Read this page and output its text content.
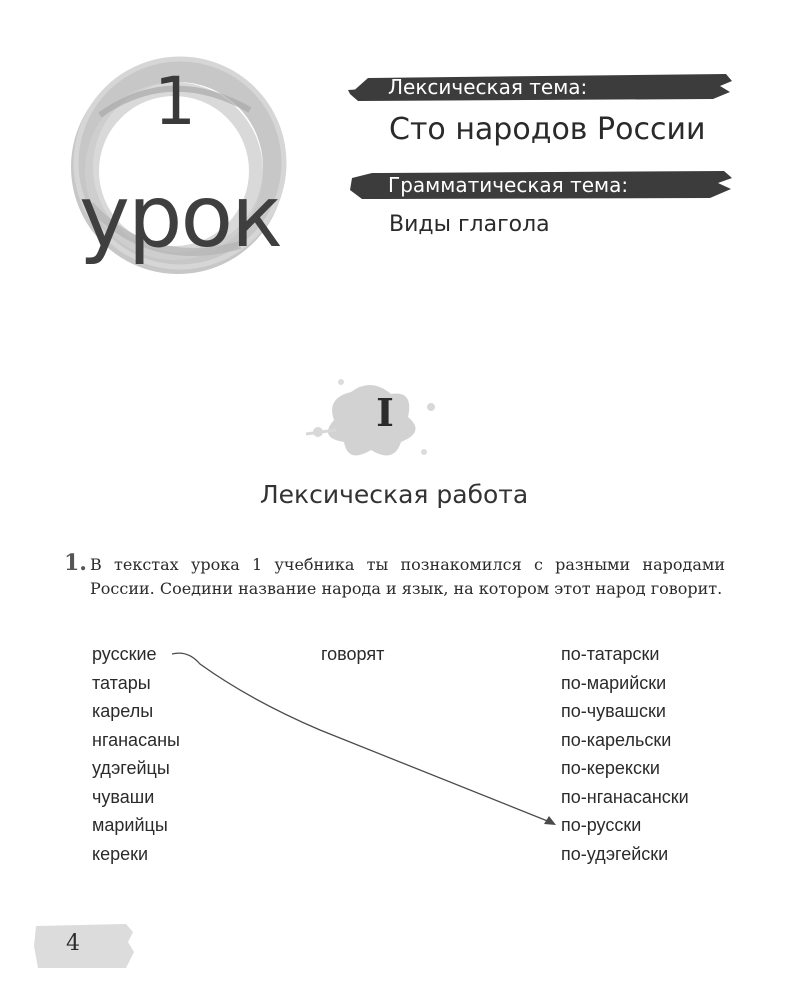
1
урок
Лексическая тема:
Сто народов России
Грамматическая тема:
Виды глагола
I
Лексическая работа
1. В текстах урока 1 учебника ты познакомился с разными народами России. Соедини название народа и язык, на котором этот народ говорит.
русские
татары
карелы
нганасаны
удэгейцы
чуваши
марийцы
кереки
говорят	по-татарски
по-марийски
по-чувашски
по-карельски
по-керекски
по-нганасански
по-русски
по-удэгейски
4
